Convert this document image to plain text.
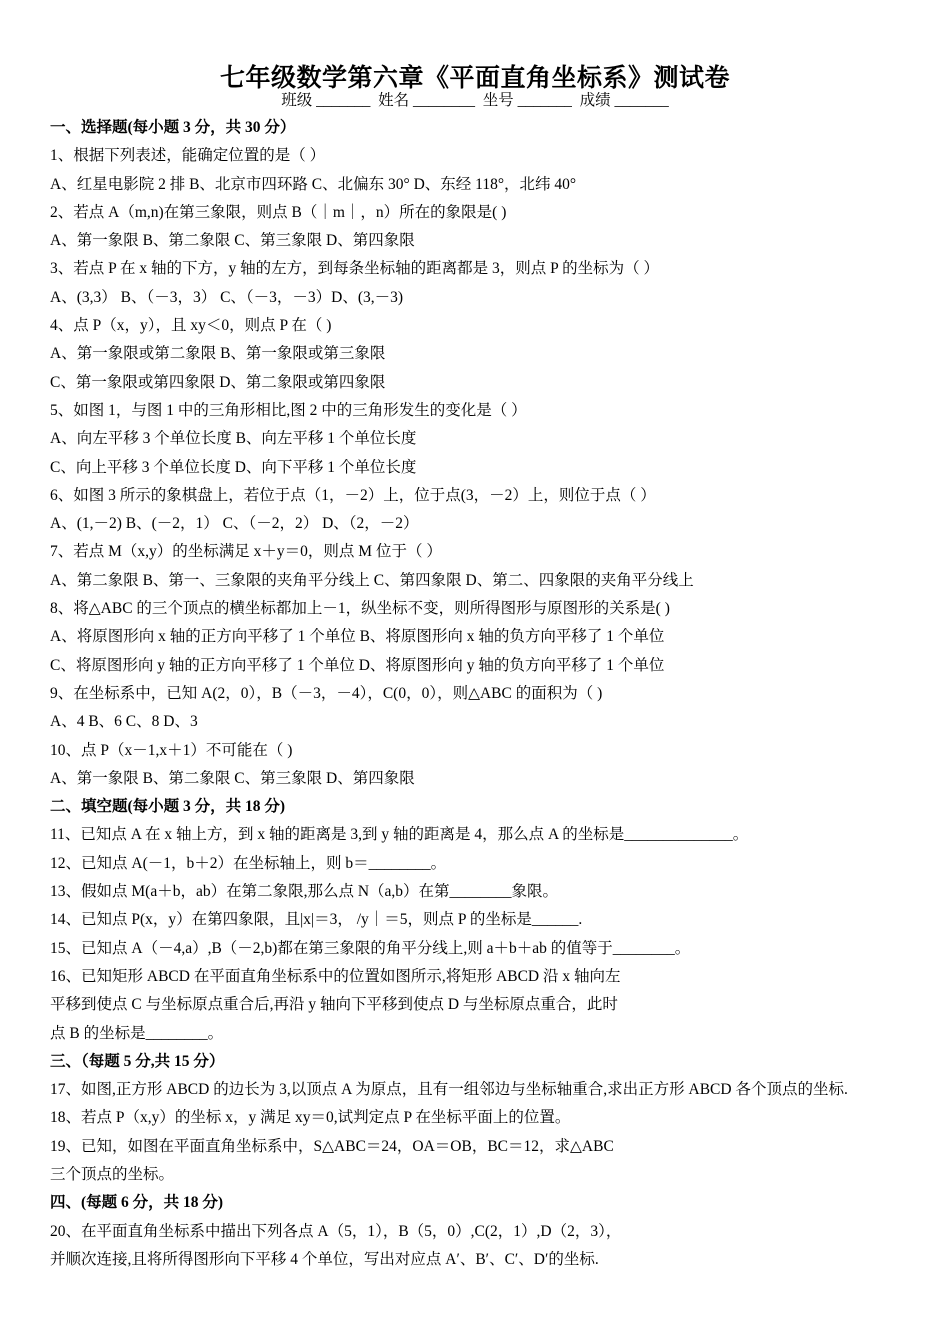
七年级数学第六章《平面直角坐标系》测试卷
班级 _______  姓名 ________  坐号 _______  成绩 _______
一、选择题(每小题 3 分，共 30 分）
1、根据下列表述，能确定位置的是（ ）
A、红星电影院 2 排 B、北京市四环路 C、北偏东 30° D、东经 118°，北纬 40°
2、若点 A（m,n)在第三象限，则点 B（｜m｜，n）所在的象限是( )
A、第一象限 B、第二象限 C、第三象限 D、第四象限
3、若点 P 在 x 轴的下方，y 轴的左方，到每条坐标轴的距离都是 3，则点 P 的坐标为（ ）
A、(3,3） B、（－3，3） C、（－3，－3）D、(3,－3)
4、点 P（x，y），且 xy＜0，则点 P 在（ )
A、第一象限或第二象限 B、第一象限或第三象限
C、第一象限或第四象限 D、第二象限或第四象限
5、如图 1，与图 1 中的三角形相比,图 2 中的三角形发生的变化是（ ）
A、向左平移 3 个单位长度 B、向左平移 1 个单位长度
C、向上平移 3 个单位长度 D、向下平移 1 个单位长度
6、如图 3 所示的象棋盘上，若位于点（1，－2）上，位于点(3，－2）上，则位于点（ ）
A、(1,－2) B、(－2，1） C、（－2，2） D、（2，－2）
7、若点 M（x,y）的坐标满足 x＋y＝0，则点 M 位于（ ）
A、第二象限 B、第一、三象限的夹角平分线上 C、第四象限 D、第二、四象限的夹角平分线上
8、将△ABC 的三个顶点的横坐标都加上－1，纵坐标不变，则所得图形与原图形的关系是( )
A、将原图形向 x 轴的正方向平移了 1 个单位 B、将原图形向 x 轴的负方向平移了 1 个单位
C、将原图形向 y 轴的正方向平移了 1 个单位 D、将原图形向 y 轴的负方向平移了 1 个单位
9、在坐标系中，已知 A(2，0），B（－3，－4），C(0，0），则△ABC 的面积为（ )
A、4 B、6 C、8 D、3
10、点 P（x－1,x＋1）不可能在（ )
A、第一象限 B、第二象限 C、第三象限 D、第四象限
二、填空题(每小题 3 分，共 18 分)
11、已知点 A 在 x 轴上方，到 x 轴的距离是 3,到 y 轴的距离是 4，那么点 A 的坐标是______________。
12、已知点 A(－1，b＋2）在坐标轴上，则 b＝________。
13、假如点 M(a＋b，ab）在第二象限,那么点 N（a,b）在第________象限。
14、已知点 P(x，y）在第四象限，且|x|＝3， /y｜＝5，则点 P 的坐标是______.
15、已知点 A（－4,a）,B（－2,b)都在第三象限的角平分线上,则 a＋b＋ab 的值等于________。
16、已知矩形 ABCD 在平面直角坐标系中的位置如图所示,将矩形 ABCD 沿 x 轴向左
平移到使点 C 与坐标原点重合后,再沿 y 轴向下平移到使点 D 与坐标原点重合，此时
点 B 的坐标是________。
三、（每题 5 分,共 15 分）
17、如图,正方形 ABCD 的边长为 3,以顶点 A 为原点，且有一组邻边与坐标轴重合,求出正方形 ABCD 各个顶点的坐标.
18、若点 P（x,y）的坐标 x，y 满足 xy＝0,试判定点 P 在坐标平面上的位置。
19、已知，如图在平面直角坐标系中，S△ABC＝24，OA＝OB，BC＝12，求△ABC
三个顶点的坐标。
四、(每题 6 分，共 18 分)
20、在平面直角坐标系中描出下列各点 A（5，1），B（5，0）,C(2，1）,D（2，3），
并顺次连接,且将所得图形向下平移 4 个单位，写出对应点 A′、B′、C′、D′的坐标.
